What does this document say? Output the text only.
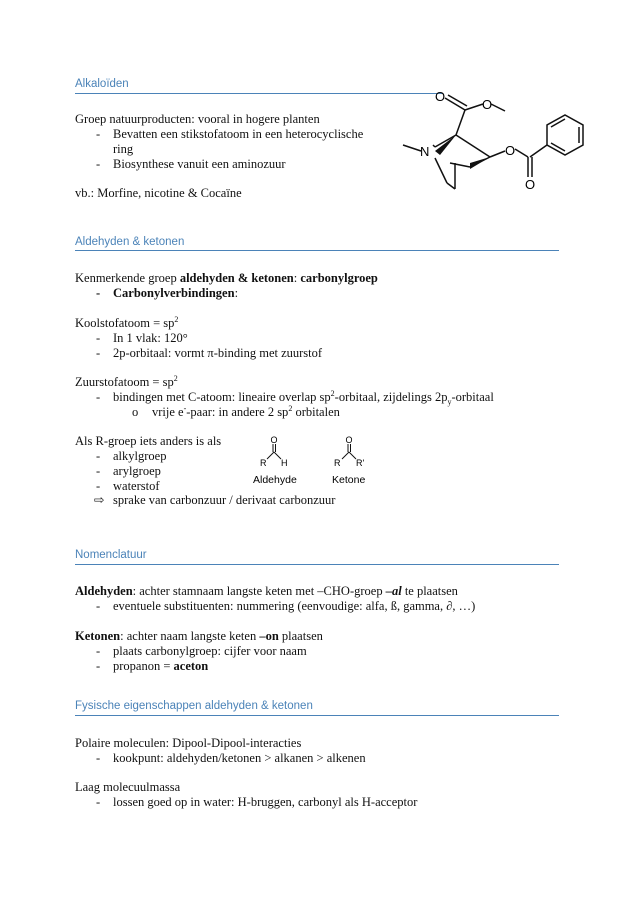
Alkaloïden
Groep natuurproducten: vooral in hogere planten
- Bevatten een stikstofatoom in een heterocyclische
ring
- Biosynthese vanuit een aminozuur
vb.: Morfine, nicotine & Cocaïne
N
O
O
O
O
Aldehyden & ketonen
Kenmerkende groep aldehyden & ketonen: carbonylgroep
- Carbonylverbindingen:
Koolstofatoom = $sp^2$
- In 1 vlak: 120°
- 2p-orbitaal: vormt π-binding met zuurstof
Zuurstofatoom = $sp^2$
- bindingen met C-atoom: lineaire overlap $sp^2$-orbitaal, zijdelings $2p_y$-orbitaal
o vrije e--paar: in andere 2 $sp^2$ orbitalen
Als R-groep iets anders is als
- alkylgroep
- arylgroep
- waterstof
⇨ sprake van carbonzuur / derivaat carbonzuur
O
R H
Aldehyde
O
R R'
Ketone
Nomenclatuur
Aldehyden: achter stamnaam langste keten met –CHO-groep –al te plaatsen
- eventuele substituenten: nummering (eenvoudige: alfa, ß, gamma, ∂, …)
Ketonen: achter naam langste keten –on plaatsen
- plaats carbonylgroep: cijfer voor naam
- propanon = aceton
Fysische eigenschappen aldehyden & ketonen
Polaire moleculen: Dipool-Dipool-interacties
- kookpunt: aldehyden/ketonen > alkanen > alkenen
Laag molecuulmassa
- lossen goed op in water: H-bruggen, carbonyl als H-acceptor
